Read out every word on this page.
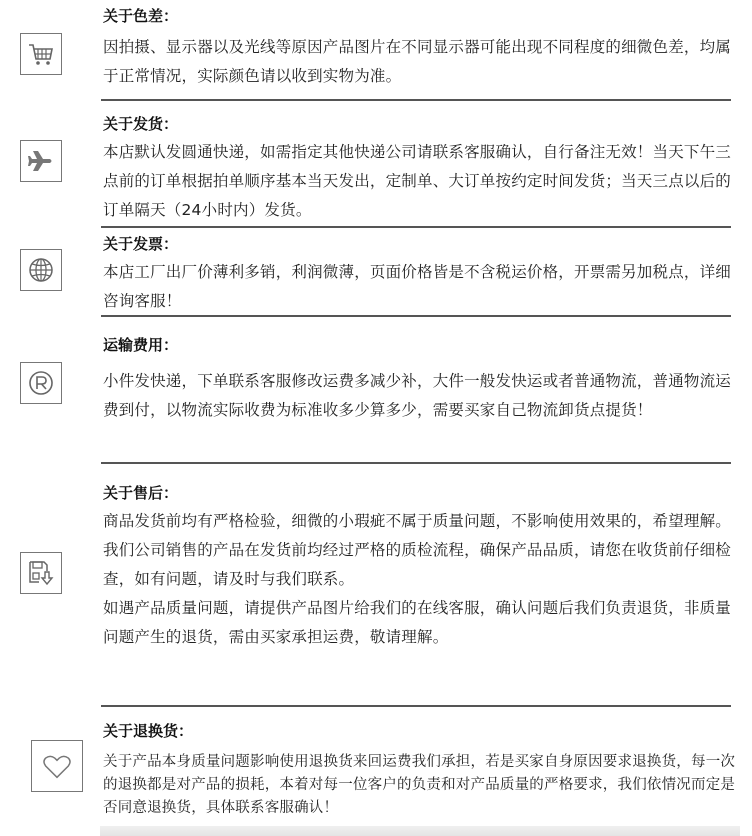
关于色差：

因拍摄、显示器以及光线等原因产品图片在不同显示器可能出现不同程度的细微色差，均属于正常情况，实际颜色请以收到实物为准。

关于发货：

本店默认发圆通快递，如需指定其他快递公司请联系客服确认，自行备注无效！当天下午三点前的订单根据拍单顺序基本当天发出，定制单、大订单按约定时间发货；当天三点以后的订单隔天（24小时内）发货。

关于发票：

本店工厂出厂价薄利多销，利润微薄，页面价格皆是不含税运价格，开票需另加税点，详细咨询客服！

运输费用：

小件发快递，下单联系客服修改运费多减少补，大件一般发快运或者普通物流，普通物流运费到付，以物流实际收费为标准收多少算多少，需要买家自己物流卸货点提货！

关于售后：

商品发货前均有严格检验，细微的小瑕疵不属于质量问题，不影响使用效果的，希望理解。

我们公司销售的产品在发货前均经过严格的质检流程，确保产品品质，请您在收货前仔细检查，如有问题，请及时与我们联系。

如遇产品质量问题，请提供产品图片给我们的在线客服，确认问题后我们负责退货，非质量问题产生的退货，需由买家承担运费，敬请理解。

关于退换货：

关于产品本身质量问题影响使用退换货来回运费我们承担，若是买家自身原因要求退换货，每一次的退换都是对产品的损耗，本着对每一位客户的负责和对产品质量的严格要求，我们依情况而定是否同意退换货，具体联系客服确认！
